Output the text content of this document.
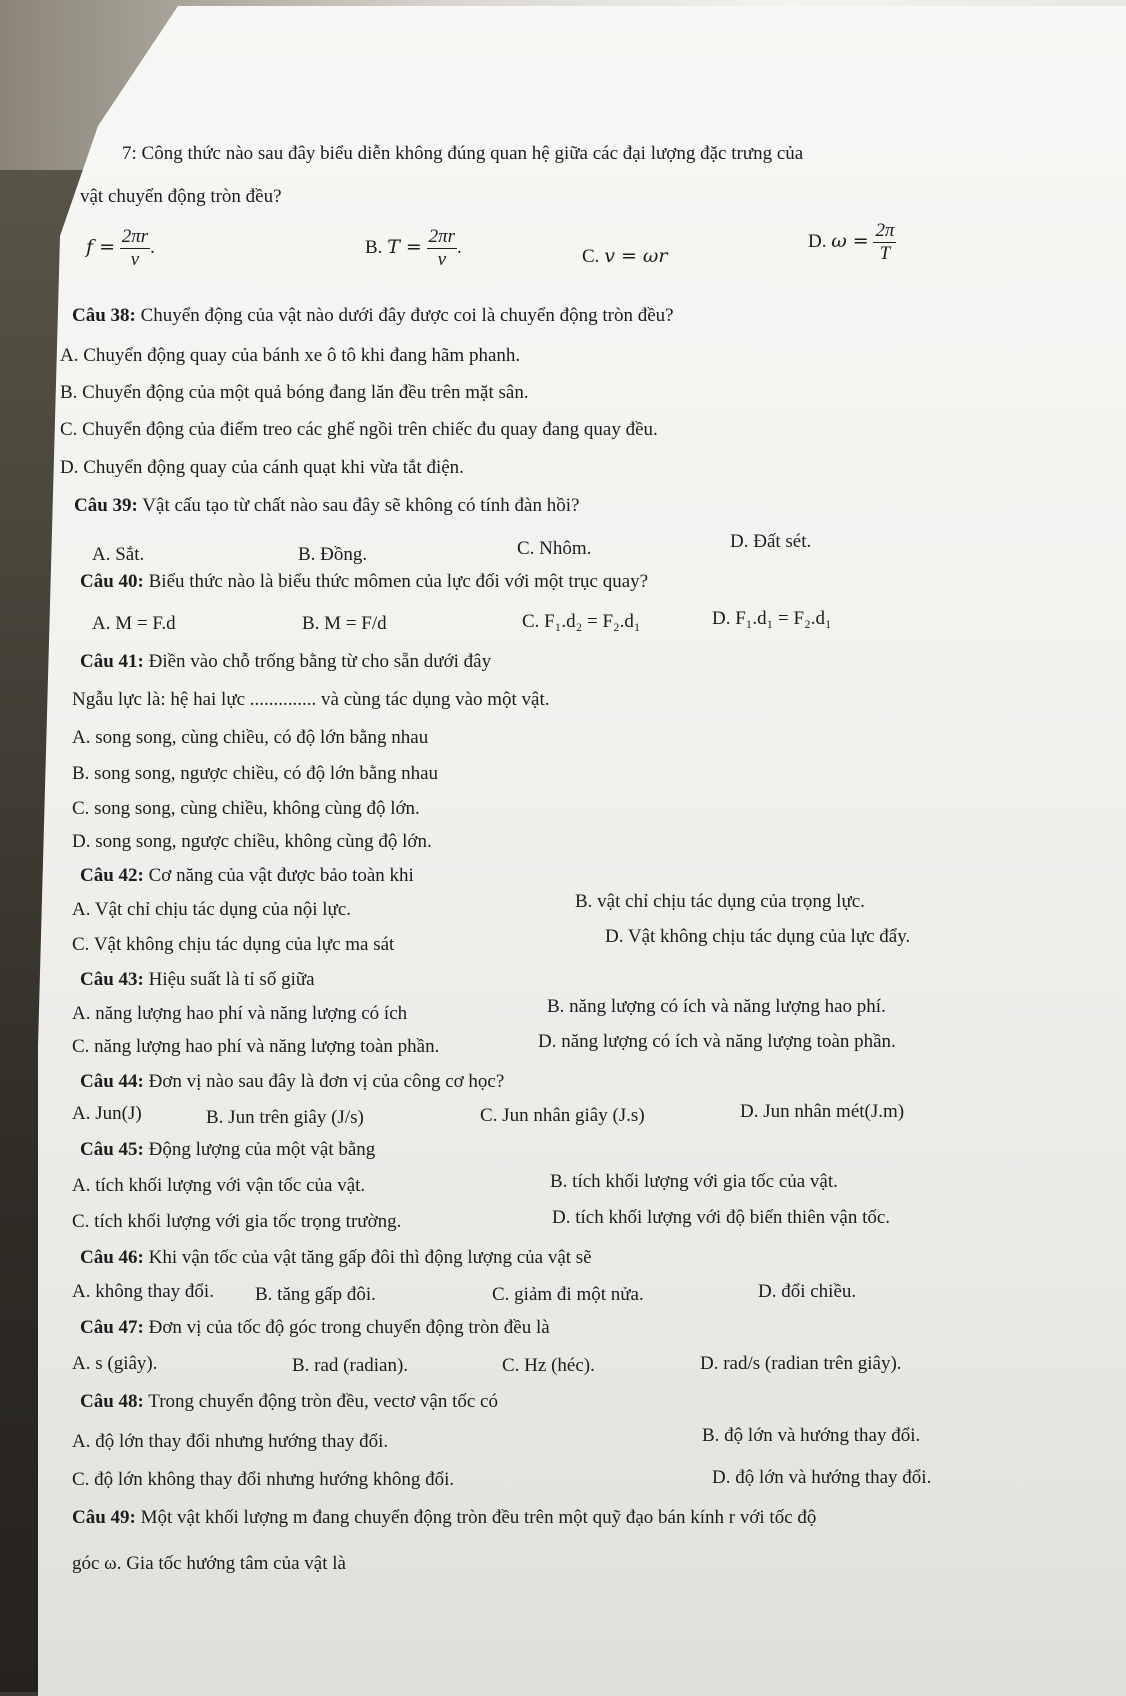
7: Công thức nào sau đây biểu diễn không đúng quan hệ giữa các đại lượng đặc trưng của
vật chuyển động tròn đều?
$f = \frac{2\pi r}{v}$ .	B. $T = \frac{2\pi r}{v}$ .	C. v = ωr
D. $\omega = \frac{2\pi}{T}$
Câu 38: Chuyển động của vật nào dưới đây được coi là chuyển động tròn đều?
A. Chuyển động quay của bánh xe ô tô khi đang hãm phanh.
B. Chuyển động của một quả bóng đang lăn đều trên mặt sân.
C. Chuyển động của điểm treo các ghế ngồi trên chiếc đu quay đang quay đều.
D. Chuyển động quay của cánh quạt khi vừa tắt điện.
Câu 39: Vật cấu tạo từ chất nào sau đây sẽ không có tính đàn hồi?
A. Sắt.	B. Đồng.	C. Nhôm.	D. Đất sét.
Câu 40: Biểu thức nào là biểu thức mômen của lực đối với một trục quay?
A. M = F.d	B. M = F/d	C. F₁.d₂ = F₂.d₁	D. F₁.d₁ = F₂.d₁
Câu 41: Điền vào chỗ trống bằng từ cho sẵn dưới đây
Ngẫu lực là: hệ hai lực .............. và cùng tác dụng vào một vật.
A. song song, cùng chiều, có độ lớn bằng nhau
B. song song, ngược chiều, có độ lớn bằng nhau
C. song song, cùng chiều, không cùng độ lớn.
D. song song, ngược chiều, không cùng độ lớn.
Câu 42: Cơ năng của vật được bảo toàn khi
A. Vật chỉ chịu tác dụng của nội lực.	B. vật chỉ chịu tác dụng của trọng lực.
C. Vật không chịu tác dụng của lực ma sát	D. Vật không chịu tác dụng của lực đẩy.
Câu 43: Hiệu suất là tỉ số giữa
A. năng lượng hao phí và năng lượng có ích	B. năng lượng có ích và năng lượng hao phí.
C. năng lượng hao phí và năng lượng toàn phần.	D. năng lượng có ích và năng lượng toàn phần.
Câu 44: Đơn vị nào sau đây là đơn vị của công cơ học?
A. Jun(J)	B. Jun trên giây (J/s)	C. Jun nhân giây (J.s)	D. Jun nhân mét(J.m)
Câu 45: Động lượng của một vật bằng
A. tích khối lượng với vận tốc của vật.	B. tích khối lượng với gia tốc của vật.
C. tích khối lượng với gia tốc trọng trường.	D. tích khối lượng với độ biến thiên vận tốc.
Câu 46: Khi vận tốc của vật tăng gấp đôi thì động lượng của vật sẽ
A. không thay đổi. B. tăng gấp đôi.	C. giảm đi một nửa.	D. đổi chiều.
Câu 47: Đơn vị của tốc độ góc trong chuyển động tròn đều là
A. s (giây).	B. rad (radian).	C. Hz (héc).	D. rad/s (radian trên giây).
Câu 48: Trong chuyển động tròn đều, vectơ vận tốc có
A. độ lớn thay đổi nhưng hướng thay đổi.	B. độ lớn và hướng thay đổi.
C. độ lớn không thay đổi nhưng hướng không đổi.	D. độ lớn và hướng thay đổi.
Câu 49: Một vật khối lượng m đang chuyển động tròn đều trên một quỹ đạo bán kính r với tốc độ
góc ω. Gia tốc hướng tâm của vật là
